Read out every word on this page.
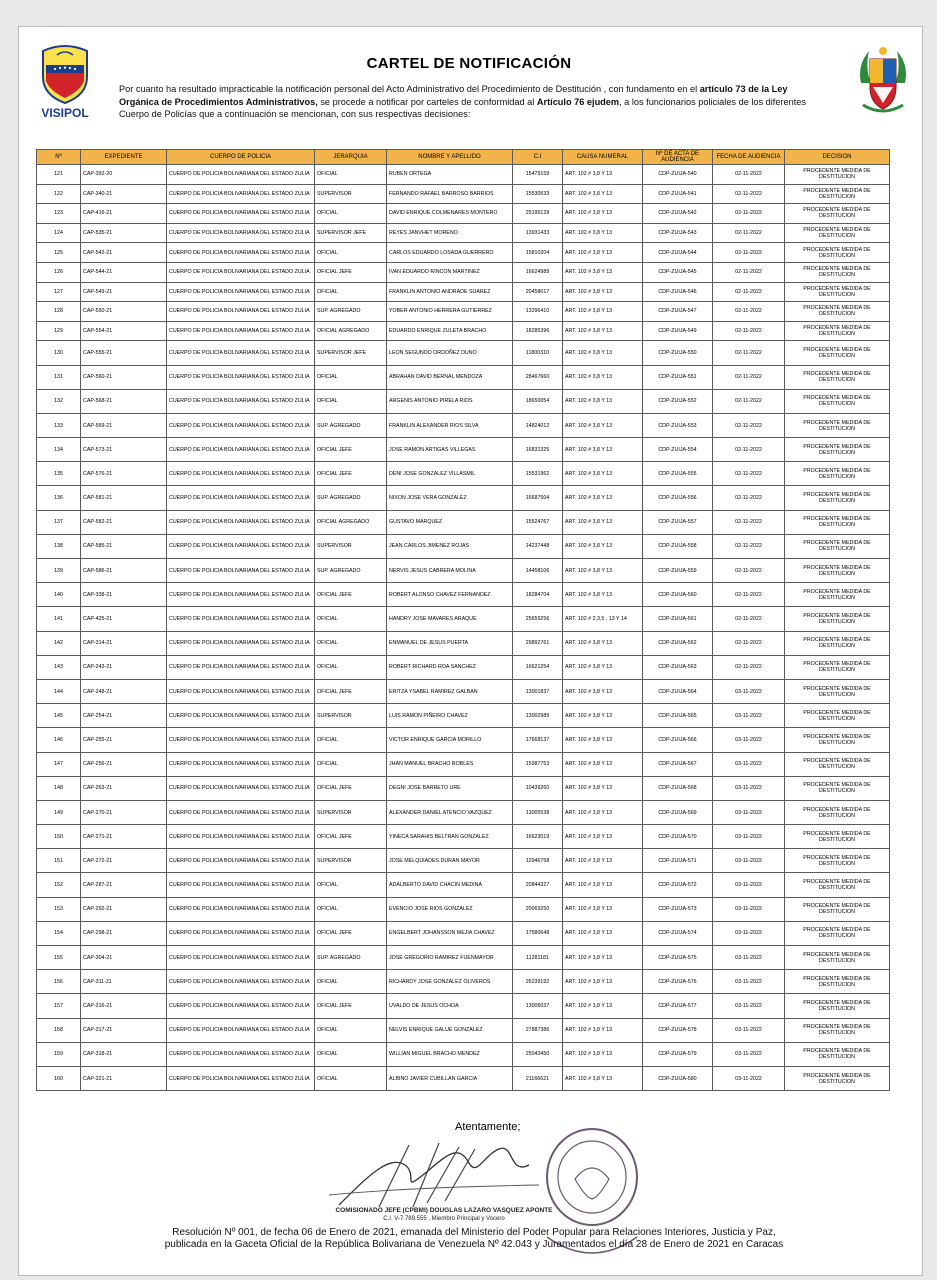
VISIPOL
CARTEL DE NOTIFICACIÓN
Por cuanto ha resultado impracticable la notificación personal del Acto Administrativo del Procedimiento de Destitución , con fundamento en el artículo 73 de la Ley Orgánica de Procedimientos Administrativos, se procede a notificar por carteles de conformidad al Artículo 76 ejudem, a los funcionarios policiales de los diferentes Cuerpo de Policías que a continuación se mencionan, con sus respectivas decisiones:
Nº	EXPEDIENTE	CUERPO DE POLICIA	JERARQUIA	NOMBRE Y APELLIDO	C.I	CAUSA NUMERAL	Nº DE ACTA DE AUDIENCIA	FECHA DE AUDIENCIA	DECISION
121	CAP-392-20	CUERPO DE POLICIA BOLIVARIANA DEL ESTADO ZULIA	OFICIAL	RUBEN ORTEGA	15479159	ART. 102 # 3,8 Y 13	CDP-ZUIJA-540	02-11-2022	PROCEDENTE MEDIDA DE DESTITUCION
122	CAP-340-21	CUERPO DE POLICIA BOLIVARIANA DEL ESTADO ZULIA	SUPERVISOR	FERNANDO RAFAEL BARROSO BARRIOS	15530533	ART. 102 # 3,8 Y 13	CDP-ZUIJA-541	02-11-2022	PROCEDENTE MEDIDA DE DESTITUCION
123	CAP-416-21	CUERPO DE POLICIA BOLIVARIANA DEL ESTADO ZULIA	OFICIAL	DAVID ENRIQUE COLMENARES MONTERO	25195128	ART. 102 # 3,8 Y 13	CDP-ZUIJA-542	02-11-2022	PROCEDENTE MEDIDA DE DESTITUCION
124	CAP-535-21	CUERPO DE POLICIA BOLIVARIANA DEL ESTADO ZULIA	SUPERVISOR JEFE	REYES JANVHET MORENO	13931433	ART. 102 # 3,8 Y 13	CDP-ZUIJA-543	02-11-2022	PROCEDENTE MEDIDA DE DESTITUCION
125	CAP-542-21	CUERPO DE POLICIA BOLIVARIANA DEL ESTADO ZULIA	OFICIAL	CARLOS EDUARDO LOSADA GUERRERO	15810204	ART. 102 # 3,8 Y 13	CDP-ZUIJA-544	02-11-2022	PROCEDENTE MEDIDA DE DESTITUCION
126	CAP-544-21	CUERPO DE POLICIA BOLIVARIANA DEL ESTADO ZULIA	OFICIAL JEFE	IVAN EDUARDO RINCON MARTINEZ	16624989	ART. 102 # 3,8 Y 13	CDP-ZUIJA-545	02-11-2022	PROCEDENTE MEDIDA DE DESTITUCION
127	CAP-549-21	CUERPO DE POLICIA BOLIVARIANA DEL ESTADO ZULIA	OFICIAL	FRANKLIN ANTONIO ANDRADE SUAREZ	20458017	ART. 102 # 3,8 Y 13	CDP-ZUIJA-546	02-11-2022	PROCEDENTE MEDIDA DE DESTITUCION
128	CAP-550-21	CUERPO DE POLICIA BOLIVARIANA DEL ESTADO ZULIA	SUP. AGREGADO	YOBER ANTONIO HERRERA GUTIERREZ	13296410	ART. 102 # 3,8 Y 13	CDP-ZUIJA-547	02-11-2022	PROCEDENTE MEDIDA DE DESTITUCION
129	CAP-554-21	CUERPO DE POLICIA BOLIVARIANA DEL ESTADO ZULIA	OFICIAL AGREGADO	EDUARDO ENRIQUE ZULETA BRACHO	18285396	ART. 102 # 3,8 Y 13	CDP-ZUIJA-549	02-11-2022	PROCEDENTE MEDIDA DE DESTITUCION
130	CAP-555-21	CUERPO DE POLICIA BOLIVARIANA DEL ESTADO ZULIA	SUPERVISOR JEFE	LEON SEGUNDO ORDOÑEZ DUNO	11800310	ART. 102 # 3,8 Y 13	CDP-ZUIJA-550	02-11-2022	PROCEDENTE MEDIDA DE DESTITUCION
131	CAP-560-21	CUERPO DE POLICIA BOLIVARIANA DEL ESTADO ZULIA	OFICIAL	ABRAHAN DAVID BERNAL MENDOZA	28467660	ART. 102 # 3,8 Y 13	CDP-ZUIJA-551	02-11-2022	PROCEDENTE MEDIDA DE DESTITUCION
132	CAP-568-21	CUERPO DE POLICIA BOLIVARIANA DEL ESTADO ZULIA	OFICIAL	ARGENIS ANTONIO PIRELA RIOS	18650054	ART. 102 # 3,8 Y 13	CDP-ZUIJA-552	02-11-2022	PROCEDENTE MEDIDA DE DESTITUCION
133	CAP-569-21	CUERPO DE POLICIA BOLIVARIANA DEL ESTADO ZULIA	SUP. AGREGADO	FRANKLIN ALEXANDER RIOS SILVA	14824012	ART. 102 # 3,8 Y 13	CDP-ZUIJA-553	02-11-2022	PROCEDENTE MEDIDA DE DESTITUCION
134	CAP-573-21	CUERPO DE POLICIA BOLIVARIANA DEL ESTADO ZULIA	OFICIAL JEFE	JOSE RAMON ARTIGAS VILLEGAS	16831325	ART. 102 # 3,8 Y 13	CDP-ZUIJA-554	02-11-2022	PROCEDENTE MEDIDA DE DESTITUCION
135	CAP-576-21	CUERPO DE POLICIA BOLIVARIANA DEL ESTADO ZULIA	OFICIAL JEFE	DENI JOSE GONZALEZ VILLASMIL	15531962	ART. 102 # 3,8 Y 13	CDP-ZUIJA-555	02-11-2022	PROCEDENTE MEDIDA DE DESTITUCION
136	CAP-581-21	CUERPO DE POLICIA BOLIVARIANA DEL ESTADO ZULIA	SUP. AGREGADO	NIXON JOSE VERA GONZALEZ	16687504	ART. 102 # 3,8 Y 13	CDP-ZUIJA-556	02-11-2022	PROCEDENTE MEDIDA DE DESTITUCION
137	CAP-582-21	CUERPO DE POLICIA BOLIVARIANA DEL ESTADO ZULIA	OFICIAL AGREGADO	GUSTAVO MARQUEZ	15524767	ART. 102 # 3,8 Y 13	CDP-ZUIJA-557	02-11-2022	PROCEDENTE MEDIDA DE DESTITUCION
138	CAP-585-21	CUERPO DE POLICIA BOLIVARIANA DEL ESTADO ZULIA	SUPERVISOR	JEAN CARLOS JIMENEZ ROJAS	14237448	ART. 102 # 3,8 Y 13	CDP-ZUIJA-558	02-11-2022	PROCEDENTE MEDIDA DE DESTITUCION
139	CAP-586-21	CUERPO DE POLICIA BOLIVARIANA DEL ESTADO ZULIA	SUP. AGREGADO	NERVIS JESUS CABRERA MOLINA	14458106	ART. 102 # 3,8 Y 13	CDP-ZUIJA-559	02-11-2022	PROCEDENTE MEDIDA DE DESTITUCION
140	CAP-338-21	CUERPO DE POLICIA BOLIVARIANA DEL ESTADO ZULIA	OFICIAL JEFE	ROBERT ALONSO CHAVEZ FERNANDEZ	18284704	ART. 102 # 3,8 Y 13	CDP-ZUIJA-560	02-11-2022	PROCEDENTE MEDIDA DE DESTITUCION
141	CAP-425-21	CUERPO DE POLICIA BOLIVARIANA DEL ESTADO ZULIA	OFICIAL	HANDRY JOSE MAVARES ARAQUE	25659256	ART. 102 # 2,3,5 , 13 Y 14	CDP-ZUIJA-561	02-11-2022	PROCEDENTE MEDIDA DE DESTITUCION
142	CAP-314-21	CUERPO DE POLICIA BOLIVARIANA DEL ESTADO ZULIA	OFICIAL	ENMANUEL DE JESUS PUERTA	29892761	ART. 102 # 3,8 Y 13	CDP-ZUIJA-562	02-11-2022	PROCEDENTE MEDIDA DE DESTITUCION
143	CAP-243-21	CUERPO DE POLICIA BOLIVARIANA DEL ESTADO ZULIA	OFICIAL	ROBERT RICHARD ROA SANCHEZ	16621254	ART. 102 # 3,8 Y 13	CDP-ZUIJA-563	02-11-2022	PROCEDENTE MEDIDA DE DESTITUCION
144	CAP-248-21	CUERPO DE POLICIA BOLIVARIANA DEL ESTADO ZULIA	OFICIAL JEFE	ERITZA YSABEL RAMIREZ GALBAN	13001837	ART. 102 # 3,8 Y 13	CDP-ZUIJA-564	03-11-2022	PROCEDENTE MEDIDA DE DESTITUCION
145	CAP-254-21	CUERPO DE POLICIA BOLIVARIANA DEL ESTADO ZULIA	SUPERVISOR	LUIS RAMON PIÑEIRO CHAVEZ	13002989	ART. 102 # 3,8 Y 13	CDP-ZUIJA-565	03-11-2022	PROCEDENTE MEDIDA DE DESTITUCION
146	CAP-255-21	CUERPO DE POLICIA BOLIVARIANA DEL ESTADO ZULIA	OFICIAL	VICTOR ENRIQUE GARCIA MORILLO	17668137	ART. 102 # 3,8 Y 13	CDP-ZUIJA-566	03-11-2022	PROCEDENTE MEDIDA DE DESTITUCION
147	CAP-256-21	CUERPO DE POLICIA BOLIVARIANA DEL ESTADO ZULIA	OFICIAL	JHAN MANUEL BRACHO ROBLES	15987753	ART. 102 # 3,8 Y 13	CDP-ZUIJA-567	03-11-2022	PROCEDENTE MEDIDA DE DESTITUCION
148	CAP-263-21	CUERPO DE POLICIA BOLIVARIANA DEL ESTADO ZULIA	OFICIAL JEFE	DEGNI JOSE BARRETO URE	10439260	ART. 102 # 3,8 Y 13	CDP-ZUIJA-568	03-11-2022	PROCEDENTE MEDIDA DE DESTITUCION
149	CAP-270-21	CUERPO DE POLICIA BOLIVARIANA DEL ESTADO ZULIA	SUPERVISOR	ALEXANDER DANIEL ATENCIO VAZQUEZ	13005538	ART. 102 # 3,8 Y 13	CDP-ZUIJA-569	03-11-2022	PROCEDENTE MEDIDA DE DESTITUCION
150	CAP-271-21	CUERPO DE POLICIA BOLIVARIANA DEL ESTADO ZULIA	OFICIAL JEFE	YINECA SARAHIS BELTRAN GONZALEZ	16623019	ART. 102 # 3,8 Y 13	CDP-ZUIJA-570	03-11-2022	PROCEDENTE MEDIDA DE DESTITUCION
151	CAP-272-21	CUERPO DE POLICIA BOLIVARIANA DEL ESTADO ZULIA	SUPERVISOR	JOSE MELQUIADES DURAN MAYOR	12946758	ART. 102 # 3,8 Y 13	CDP-ZUIJA-571	03-11-2022	PROCEDENTE MEDIDA DE DESTITUCION
152	CAP-287-21	CUERPO DE POLICIA BOLIVARIANA DEL ESTADO ZULIA	OFICIAL	ADALBERTO DAVID CHACIN MEDINA	20844327	ART. 102 # 3,8 Y 13	CDP-ZUIJA-572	03-11-2022	PROCEDENTE MEDIDA DE DESTITUCION
153	CAP-292-21	CUERPO DE POLICIA BOLIVARIANA DEL ESTADO ZULIA	OFICIAL	EVENCIO JOSE RIOS GONZALEZ	20069250	ART. 102 # 3,8 Y 13	CDP-ZUIJA-573	03-11-2022	PROCEDENTE MEDIDA DE DESTITUCION
154	CAP-298-21	CUERPO DE POLICIA BOLIVARIANA DEL ESTADO ZULIA	OFICIAL JEFE	ENGELBERT JOHANSSON MEJIA CHAVEZ	17580648	ART. 102 # 3,8 Y 13	CDP-ZUIJA-574	03-11-2022	PROCEDENTE MEDIDA DE DESTITUCION
155	CAP-304-21	CUERPO DE POLICIA BOLIVARIANA DEL ESTADO ZULIA	SUP. AGREGADO	JOSE GREGORIO RAMIREZ FUENMAYOR	11281181	ART. 102 # 3,8 Y 13	CDP-ZUIJA-575	03-11-2022	PROCEDENTE MEDIDA DE DESTITUCION
156	CAP-311-21	CUERPO DE POLICIA BOLIVARIANA DEL ESTADO ZULIA	OFICIAL	RICHARDY JOSE GONZALEZ OLIVEROS	26239192	ART. 102 # 3,8 Y 13	CDP-ZUIJA-576	03-11-2022	PROCEDENTE MEDIDA DE DESTITUCION
157	CAP-316-21	CUERPO DE POLICIA BOLIVARIANA DEL ESTADO ZULIA	OFICIAL JEFE	UVALDO DE JESUS OCHOA	13006037	ART. 102 # 3,8 Y 13	CDP-ZUIJA-577	03-11-2022	PROCEDENTE MEDIDA DE DESTITUCION
158	CAP-317-21	CUERPO DE POLICIA BOLIVARIANA DEL ESTADO ZULIA	OFICIAL	NELVIS ENRIQUE GALUE GONZALEZ	27887386	ART. 102 # 3,8 Y 13	CDP-ZUIJA-578	03-11-2022	PROCEDENTE MEDIDA DE DESTITUCION
159	CAP-318-21	CUERPO DE POLICIA BOLIVARIANA DEL ESTADO ZULIA	OFICIAL	WILLIAN MIGUEL BRACHO MENDEZ	25043450	ART. 102 # 3,8 Y 13	CDP-ZUIJA-579	03-11-2022	PROCEDENTE MEDIDA DE DESTITUCION
160	CAP-321-21	CUERPO DE POLICIA BOLIVARIANA DEL ESTADO ZULIA	OFICIAL	ALBINO JAVIER CUBILLAN GARCIA	21166621	ART. 102 # 3,8 Y 13	CDP-ZUIJA-580	03-11-2022	PROCEDENTE MEDIDA DE DESTITUCION
Atentamente;
COMISIONADO JEFE (CPBMI) DOUGLAS LAZARO VASQUEZ APONTE
C.I. V-7.789.555 , Miembro Principal y Vocero
Resolución Nº 001, de fecha 06 de Enero de 2021, emanada del Ministerio del Poder Popular para Relaciones Interiores, Justicia y Paz,
publicada en la Gaceta Oficial de la República Bolivariana de Venezuela Nº 42.043 y Juramentados el día 28 de Enero de 2021 en Caracas
